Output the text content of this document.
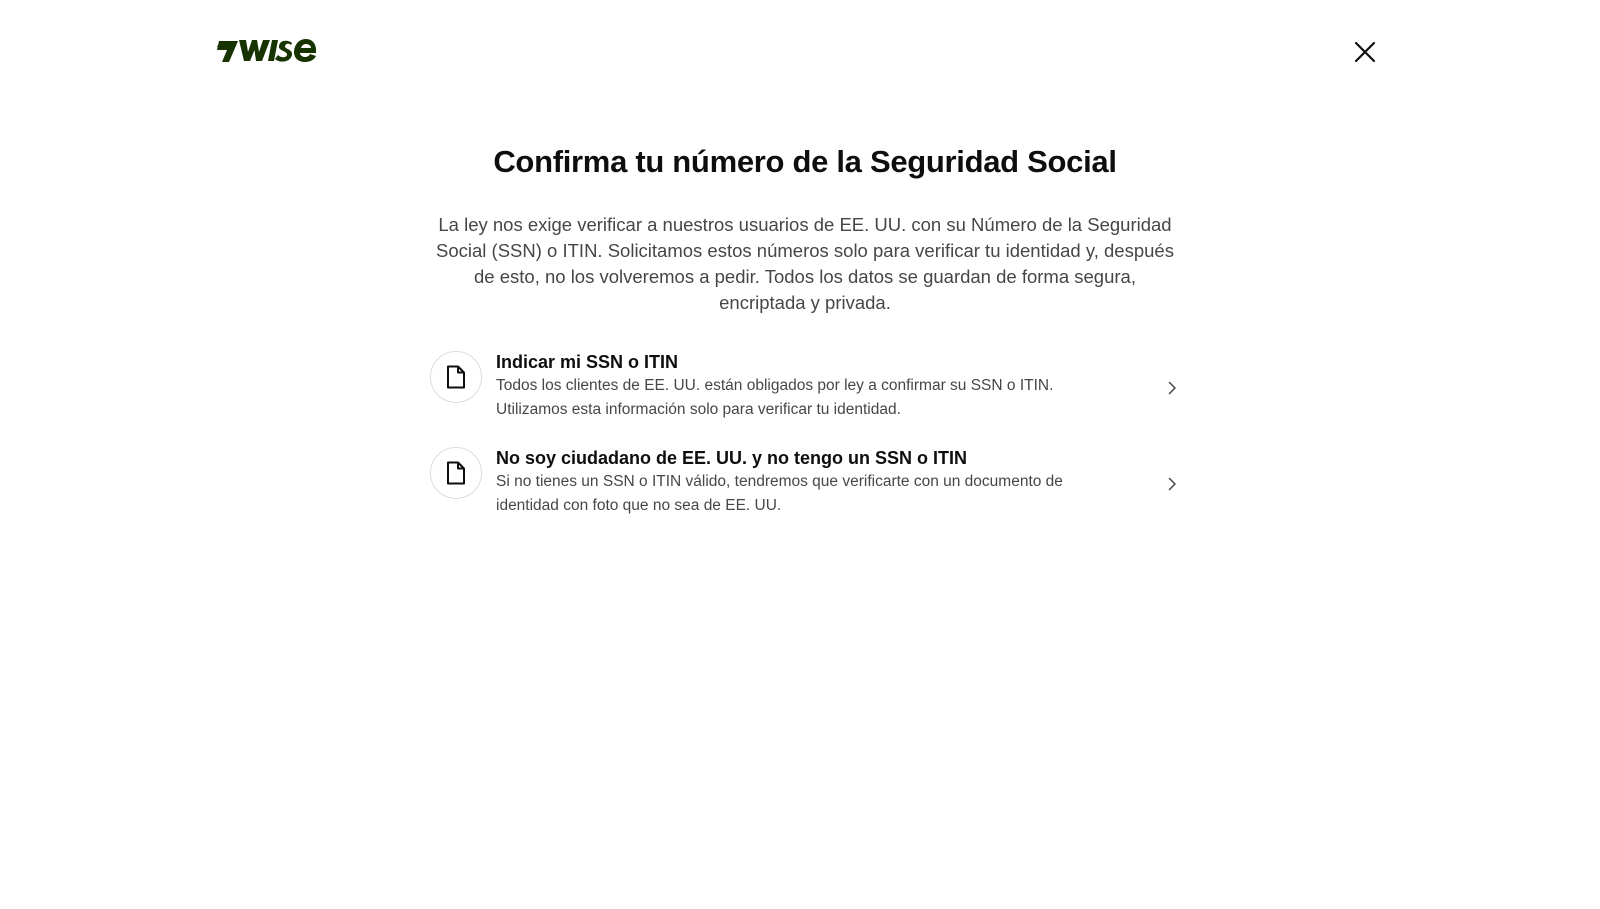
Confirma tu número de la Seguridad Social

La ley nos exige verificar a nuestros usuarios de EE. UU. con su Número de la Seguridad Social (SSN) o ITIN. Solicitamos estos números solo para verificar tu identidad y, después de esto, no los volveremos a pedir. Todos los datos se guardan de forma segura, encriptada y privada.

Indicar mi SSN o ITIN
Todos los clientes de EE. UU. están obligados por ley a confirmar su SSN o ITIN. Utilizamos esta información solo para verificar tu identidad.
No soy ciudadano de EE. UU. y no tengo un SSN o ITIN
Si no tienes un SSN o ITIN válido, tendremos que verificarte con un documento de identidad con foto que no sea de EE. UU.
